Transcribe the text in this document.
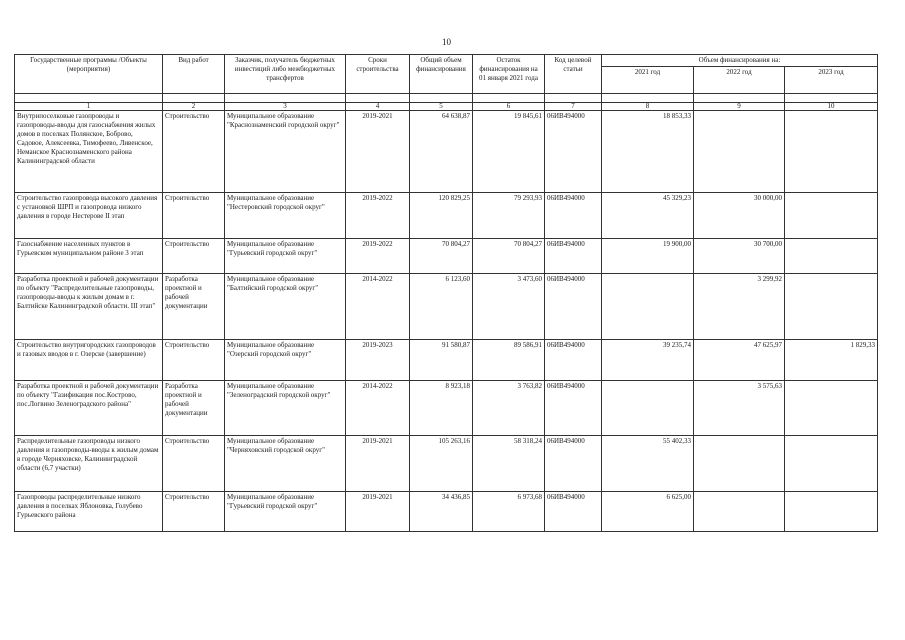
10
Государственные программы /Объекты (мероприятия)	Вид работ	Заказчик, получатель бюджетных инвестиций либо межбюджетных трансфертов	Сроки строительства	Общий объем финансирования	Остаток финансирования на 01 января 2021 года	Код целевой статьи	Объем финансирования на:		
							2021 год	2022 год	2023 год

1	2	3	4	5	6	7	8	9	10
Внутрипоселковые газопроводы и газопроводы-вводы для газоснабжения жилых домов в поселках Полянское, Боброво, Садовое, Алексеевка, Тимофеево, Ливенское, Неманское Краснознаменского района Калининградской области	Строительство	Муниципальное образование "Краснознаменский городской округ"	2019-2021	64 638,87	19 845,61	06ИВ494000	18 853,33		
Строительство газопровода высокого давления с установкой ШРП и газопровода низкого давления в городе Нестерове II этап	Строительство	Муниципальное образование "Нестеровский городской округ"	2019-2022	120 829,25	79 293,93	06ИВ494000	45 329,23	30 000,00	
Газоснабжение населенных пунктов в Гурьевском муниципальном районе 3 этап	Строительство	Муниципальное образование "Гурьевский городской округ"	2019-2022	70 804,27	70 804,27	06ИВ494000	19 900,00	30 700,00	
Разработка проектной и рабочей документации по объекту "Распределительные газопроводы, газопроводы-вводы к жилым домам в г. Балтийске Калининградской области. III этап"	Разработка проектной и рабочей документации	Муниципальное образование "Балтийский городской округ"	2014-2022	6 123,60	3 473,60	06ИВ494000		3 299,92	
Строительство внутригородских газопроводов и газовых вводов в г. Озерске (завершение)	Строительство	Муниципальное образование "Озерский городской округ"	2019-2023	91 580,87	89 586,91	06ИВ494000	39 235,74	47 625,97	1 829,33
Разработка проектной и рабочей документации по объекту "Газификация пос.Кострово, пос.Логвино Зеленоградского района"	Разработка проектной и рабочей документации	Муниципальное образование "Зеленоградский городской округ"	2014-2022	8 923,18	3 763,82	06ИВ494000		3 575,63	
Распределительные газопроводы низкого давления и газопроводы-вводы к жилым домам в городе Черняховске, Калининградской области (6,7 участки)	Строительство	Муниципальное образование "Черняховский городской округ"	2019-2021	105 263,16	58 318,24	06ИВ494000	55 402,33		
Газопроводы распределительные низкого давления в поселках Яблоновка, Голубево Гурьевского района	Строительство	Муниципальное образование "Гурьевский городской округ"	2019-2021	34 436,85	6 973,68	06ИВ494000	6 625,00		
